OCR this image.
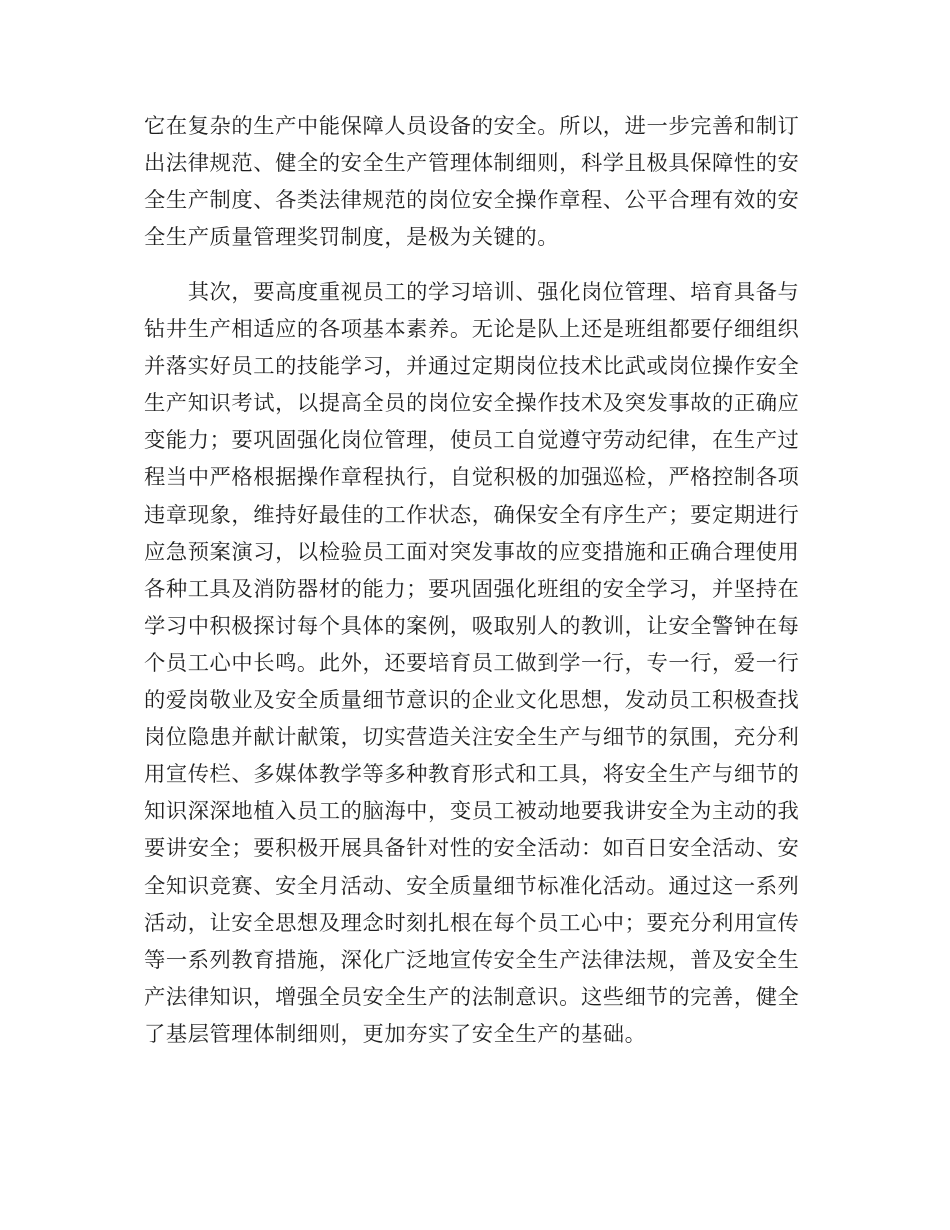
它在复杂的生产中能保障人员设备的安全。所以，进一步完善和制订
出法律规范、健全的安全生产管理体制细则，科学且极具保障性的安
全生产制度、各类法律规范的岗位安全操作章程、公平合理有效的安
全生产质量管理奖罚制度，是极为关键的。
　　其次，要高度重视员工的学习培训、强化岗位管理、培育具备与
钻井生产相适应的各项基本素养。无论是队上还是班组都要仔细组织
并落实好员工的技能学习，并通过定期岗位技术比武或岗位操作安全
生产知识考试，以提高全员的岗位安全操作技术及突发事故的正确应
变能力；要巩固强化岗位管理，使员工自觉遵守劳动纪律，在生产过
程当中严格根据操作章程执行，自觉积极的加强巡检，严格控制各项
违章现象，维持好最佳的工作状态，确保安全有序生产；要定期进行
应急预案演习，以检验员工面对突发事故的应变措施和正确合理使用
各种工具及消防器材的能力；要巩固强化班组的安全学习，并坚持在
学习中积极探讨每个具体的案例，吸取别人的教训，让安全警钟在每
个员工心中长鸣。此外，还要培育员工做到学一行，专一行，爱一行
的爱岗敬业及安全质量细节意识的企业文化思想，发动员工积极查找
岗位隐患并献计献策，切实营造关注安全生产与细节的氛围，充分利
用宣传栏、多媒体教学等多种教育形式和工具，将安全生产与细节的
知识深深地植入员工的脑海中，变员工被动地要我讲安全为主动的我
要讲安全；要积极开展具备针对性的安全活动：如百日安全活动、安
全知识竞赛、安全月活动、安全质量细节标准化活动。通过这一系列
活动，让安全思想及理念时刻扎根在每个员工心中；要充分利用宣传
等一系列教育措施，深化广泛地宣传安全生产法律法规，普及安全生
产法律知识，增强全员安全生产的法制意识。这些细节的完善，健全
了基层管理体制细则，更加夯实了安全生产的基础。
